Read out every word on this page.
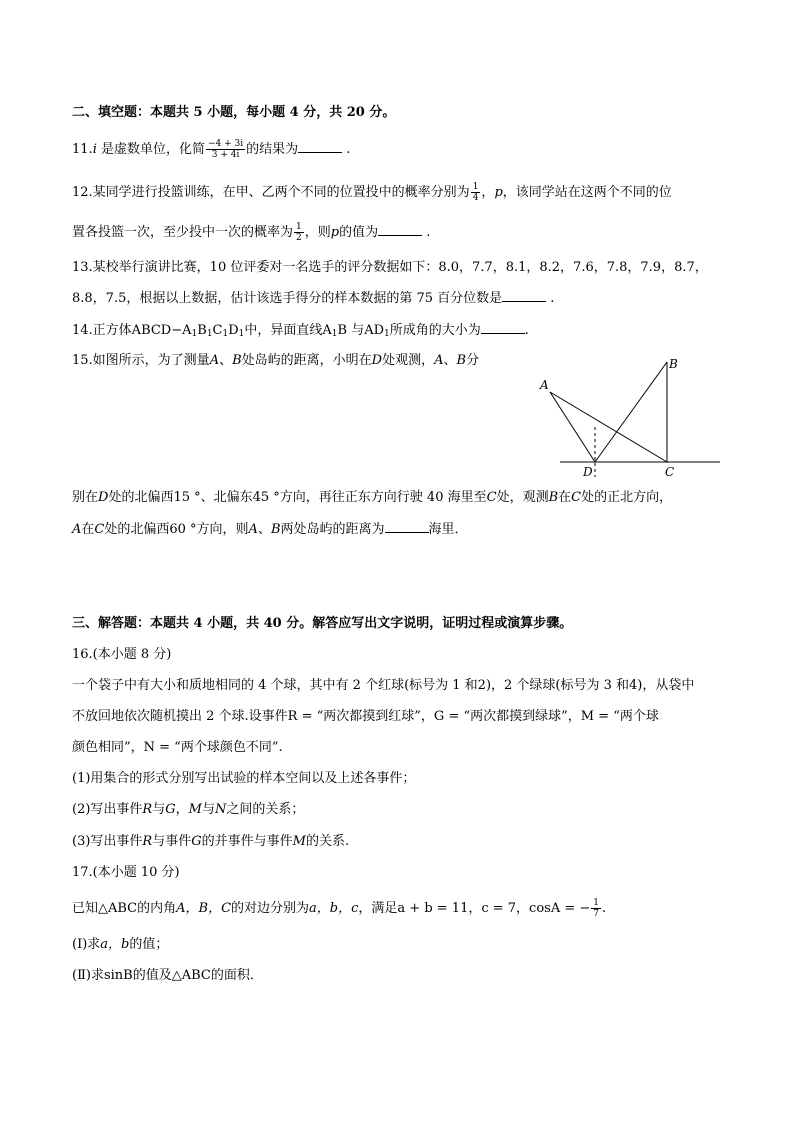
二、填空题：本题共 5 小题，每小题 4 分，共 20 分。
11.i 是虚数单位，化简 $\frac{-4 + 3i}{3 + 4i}$ 的结果为	.
12.某同学进行投篮训练，在甲、乙两个不同的位置投中的概率分别为 $\frac{1}{4}$ ，p，该同学站在这两个不同的位
置各投篮一次，至少投中一次的概率为 $\frac{1}{2}$ ，则p的值为	.
13.某校举行演讲比赛，10 位评委对一名选手的评分数据如下：8.0，7.7，8.1，8.2，7.6，7.8，7.9，8.7，
8.8，7.5，根据以上数据，估计该选手得分的样本数据的第 75 百分位数是	.
14.正方体$ABCD-A_1B_1C_1D_1$中，异面直线$A_1B$ 与$AD_1$所成角的大小为	.
15.如图所示，为了测量A、B处岛屿的距离，小明在D处观测，A、B分
A
B
C
D
别在D处的北偏西15 °、北偏东45 °方向，再往正东方向行驶 40 海里至C处，观测B在C处的正北方向，
A在C处的北偏西60 °方向，则A、B两处岛屿的距离为	海里．
三、解答题：本题共 4 小题，共 40 分。解答应写出文字说明，证明过程或演算步骤。
16.(本小题 8 分)
一个袋子中有大小和质地相同的 4 个球，其中有 2 个红球(标号为 1 和2)，2 个绿球(标号为 3 和4)，从袋中
不放回地依次随机摸出 2 个球.设事件R = “两次都摸到红球”，G = “两次都摸到绿球”，M = “两个球
颜色相同”，N = “两个球颜色不同”.
(1)用集合的形式分别写出试验的样本空间以及上述各事件；
(2)写出事件R与G，M与N之间的关系；
(3)写出事件R与事件G的并事件与事件M的关系.
17.(本小题 10 分)
已知△ABC的内角A，B，C的对边分别为a，b，c，满足a + b = 11，c = 7，cosA = − $\frac{1}{7}$ .
(Ⅰ)求a，b的值；
(Ⅱ)求sinB的值及△ABC的面积．
